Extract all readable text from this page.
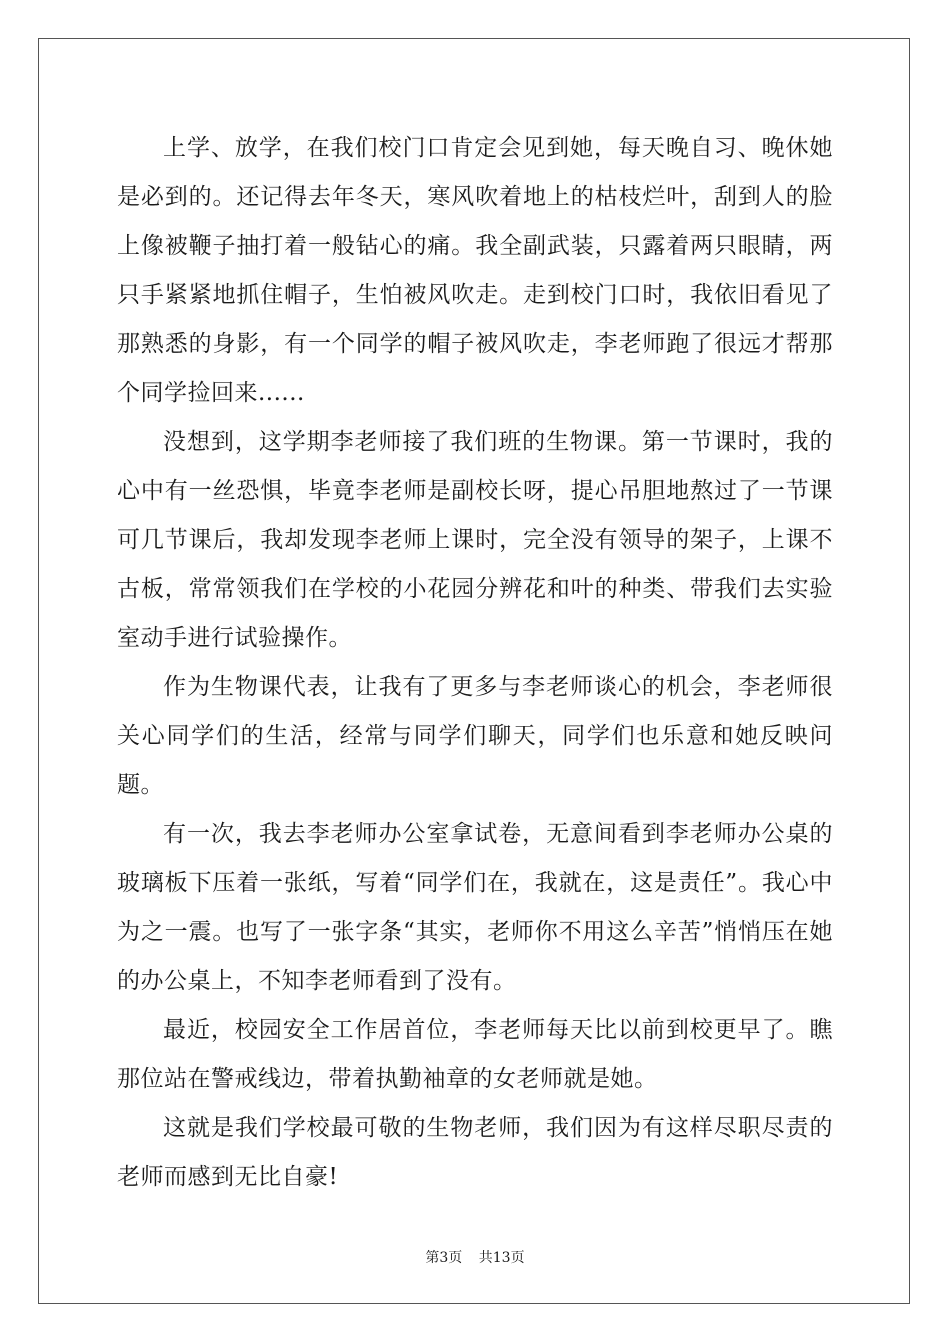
上学、放学，在我们校门口肯定会见到她，每天晚自习、晚休她是必到的。还记得去年冬天，寒风吹着地上的枯枝烂叶，刮到人的脸上像被鞭子抽打着一般钻心的痛。我全副武装，只露着两只眼睛，两只手紧紧地抓住帽子，生怕被风吹走。走到校门口时，我依旧看见了那熟悉的身影，有一个同学的帽子被风吹走，李老师跑了很远才帮那个同学捡回来......

没想到，这学期李老师接了我们班的生物课。第一节课时，我的心中有一丝恐惧，毕竟李老师是副校长呀，提心吊胆地熬过了一节课可几节课后，我却发现李老师上课时，完全没有领导的架子，上课不古板，常常领我们在学校的小花园分辨花和叶的种类、带我们去实验室动手进行试验操作。

作为生物课代表，让我有了更多与李老师谈心的机会，李老师很关心同学们的生活，经常与同学们聊天，同学们也乐意和她反映问题。

有一次，我去李老师办公室拿试卷，无意间看到李老师办公桌的玻璃板下压着一张纸，写着“同学们在，我就在，这是责任”。我心中为之一震。也写了一张字条“其实，老师你不用这么辛苦”悄悄压在她的办公桌上，不知李老师看到了没有。

最近，校园安全工作居首位，李老师每天比以前到校更早了。瞧那位站在警戒线边，带着执勤袖章的女老师就是她。

这就是我们学校最可敬的生物老师，我们因为有这样尽职尽责的老师而感到无比自豪!

第3页 共13页
